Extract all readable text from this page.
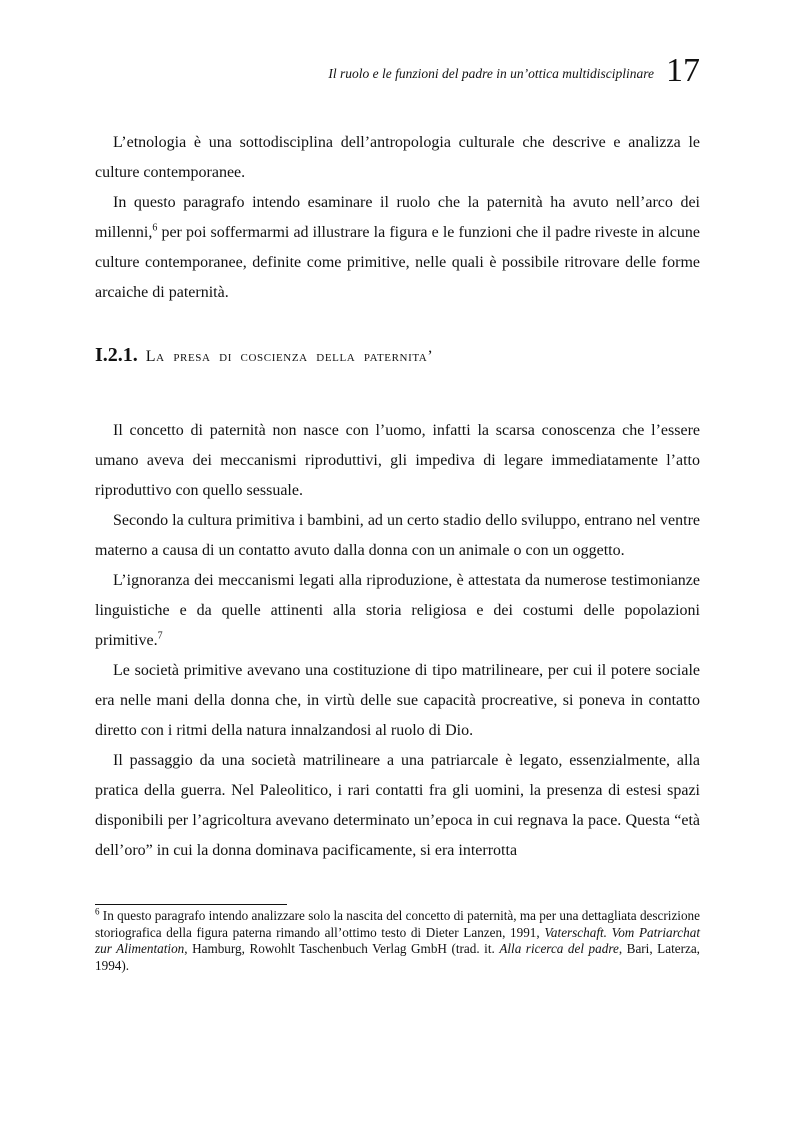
Il ruolo e le funzioni del padre in un’ottica multidisciplinare 17

L’etnologia è una sottodisciplina dell’antropologia culturale che descrive e analizza le culture contemporanee.

In questo paragrafo intendo esaminare il ruolo che la paternità ha avuto nell’arco dei millenni,$^6$ per poi soffermarmi ad illustrare la figura e le funzioni che il padre riveste in alcune culture contemporanee, definite come primitive, nelle quali è possibile ritrovare delle forme arcaiche di paternità.

I.2.1. La presa di coscienza della paternita’

Il concetto di paternità non nasce con l’uomo, infatti la scarsa conoscenza che l’essere umano aveva dei meccanismi riproduttivi, gli impediva di legare immediatamente l’atto riproduttivo con quello sessuale.

Secondo la cultura primitiva i bambini, ad un certo stadio dello sviluppo, entrano nel ventre materno a causa di un contatto avuto dalla donna con un animale o con un oggetto.

L’ignoranza dei meccanismi legati alla riproduzione, è attestata da numerose testimonianze linguistiche e da quelle attinenti alla storia religiosa e dei costumi delle popolazioni primitive.$^7$

Le società primitive avevano una costituzione di tipo matrilineare, per cui il potere sociale era nelle mani della donna che, in virtù delle sue capacità procreative, si poneva in contatto diretto con i ritmi della natura innalzandosi al ruolo di Dio.

Il passaggio da una società matrilineare a una patriarcale è legato, essenzialmente, alla pratica della guerra. Nel Paleolitico, i rari contatti fra gli uomini, la presenza di estesi spazi disponibili per l’agricoltura avevano determinato un’epoca in cui regnava la pace. Questa “età dell’oro” in cui la donna dominava pacificamente, si era interrotta

$^6$ In questo paragrafo intendo analizzare solo la nascita del concetto di paternità, ma per una dettagliata descrizione storiografica della figura paterna rimando all’ottimo testo di Dieter Lanzen, 1991, Vaterschaft. Vom Patriarchat zur Alimentation, Hamburg, Rowohlt Taschenbuch Verlag GmbH (trad. it. Alla ricerca del padre, Bari, Laterza, 1994).
